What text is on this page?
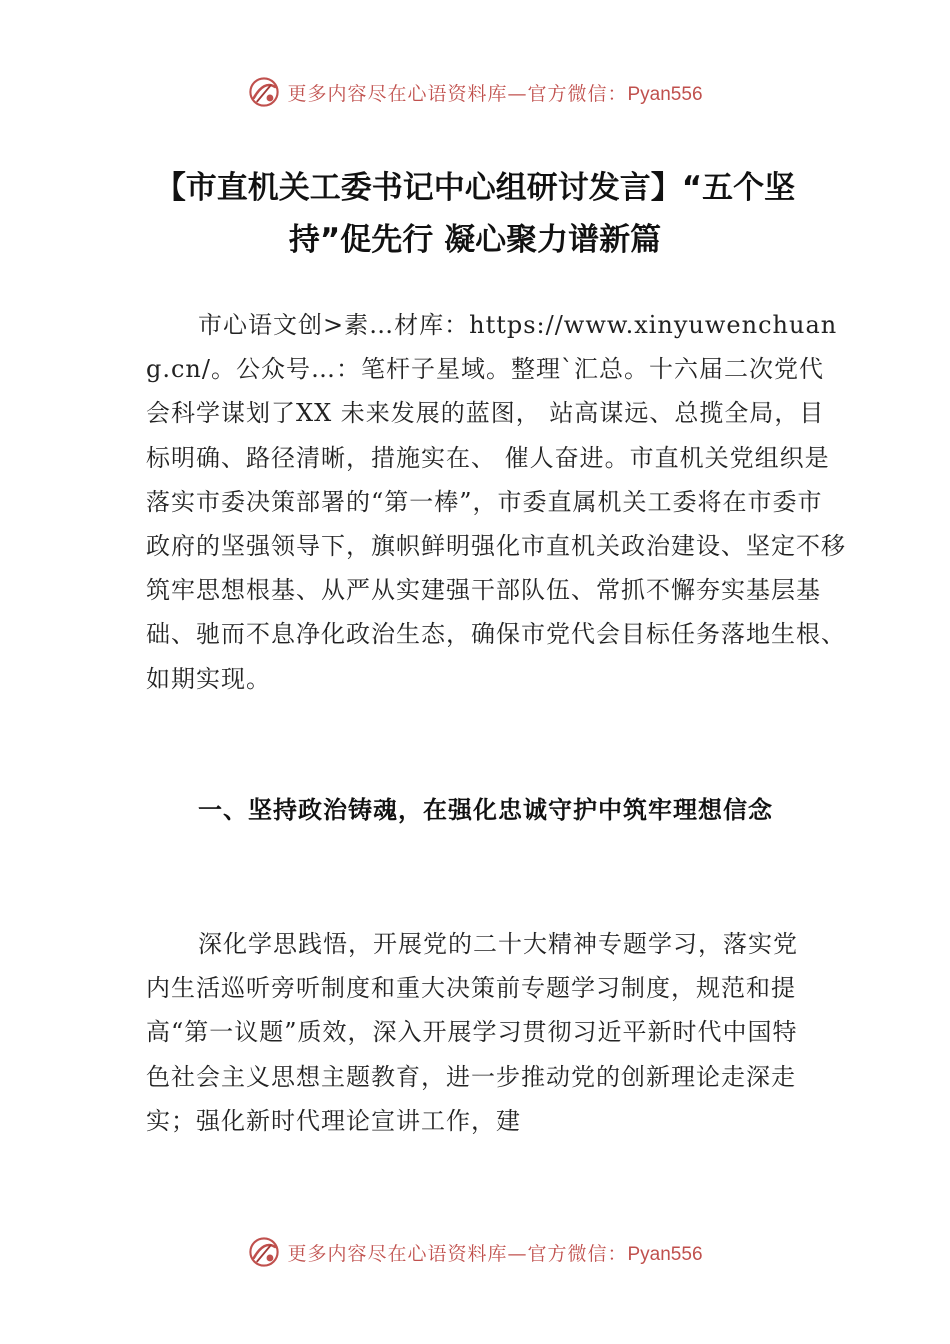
更多内容尽在心语资料库—官方微信：Pyan556
【市直机关工委书记中心组研讨发言】“五个坚持”促先行 凝心聚力谱新篇

市心语文创>素…材库：https://www.xinyuwenchuang.cn/。公众号…：笔杆子星域。整理`汇总。十六届二次党代会科学谋划了XX 未来发展的蓝图， 站高谋远、总揽全局，目标明确、路径清晰，措施实在、 催人奋进。市直机关党组织是落实市委决策部署的“第一棒”，市委直属机关工委将在市委市政府的坚强领导下，旗帜鲜明强化市直机关政治建设、坚定不移筑牢思想根基、从严从实建强干部队伍、常抓不懈夯实基层基础、驰而不息净化政治生态，确保市党代会目标任务落地生根、如期实现。

一、坚持政治铸魂，在强化忠诚守护中筑牢理想信念

深化学思践悟，开展党的二十大精神专题学习，落实党内生活巡听旁听制度和重大决策前专题学习制度，规范和提高“第一议题”质效，深入开展学习贯彻习近平新时代中国特色社会主义思想主题教育，进一步推动党的创新理论走深走实；强化新时代理论宣讲工作，建

更多内容尽在心语资料库—官方微信：Pyan556
